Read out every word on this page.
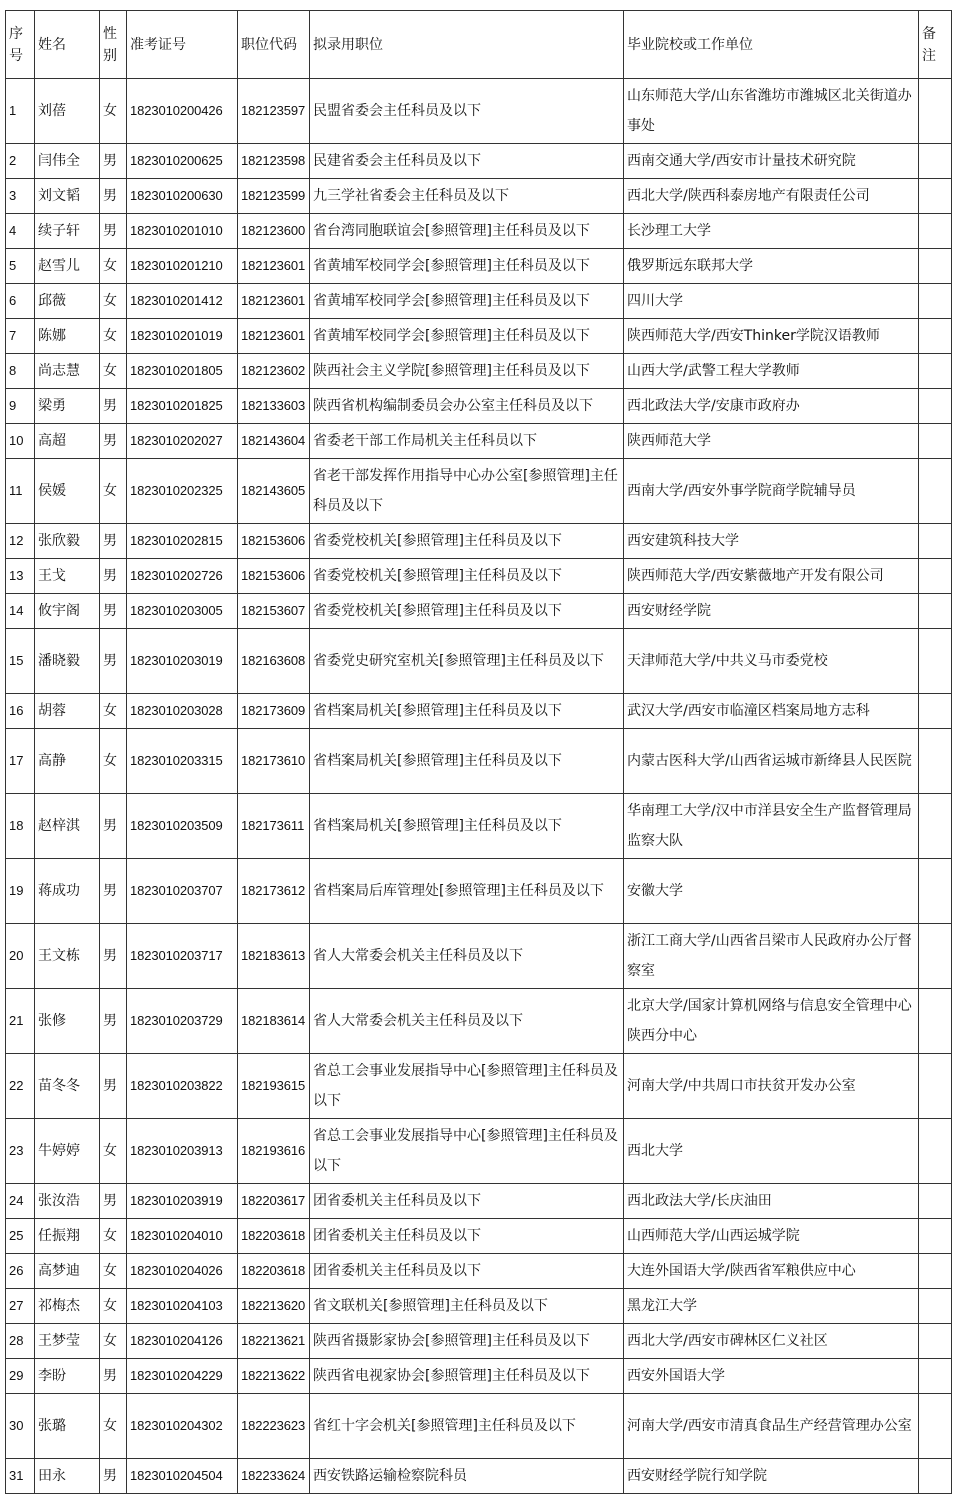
序号	姓名	性别	准考证号	职位代码	拟录用职位	毕业院校或工作单位	备注
1	刘蓓	女	1823010200426	182123597	民盟省委会主任科员及以下	山东师范大学/山东省潍坊市潍城区北关街道办事处	
2	闫伟全	男	1823010200625	182123598	民建省委会主任科员及以下	西南交通大学/西安市计量技术研究院	
3	刘文韬	男	1823010200630	182123599	九三学社省委会主任科员及以下	西北大学/陕西科泰房地产有限责任公司	
4	续子轩	男	1823010201010	182123600	省台湾同胞联谊会[参照管理]主任科员及以下	长沙理工大学	
5	赵雪儿	女	1823010201210	182123601	省黄埔军校同学会[参照管理]主任科员及以下	俄罗斯远东联邦大学	
6	邱薇	女	1823010201412	182123601	省黄埔军校同学会[参照管理]主任科员及以下	四川大学	
7	陈娜	女	1823010201019	182123601	省黄埔军校同学会[参照管理]主任科员及以下	陕西师范大学/西安Thinker学院汉语教师	
8	尚志慧	女	1823010201805	182123602	陕西社会主义学院[参照管理]主任科员及以下	山西大学/武警工程大学教师	
9	梁勇	男	1823010201825	182133603	陕西省机构编制委员会办公室主任科员及以下	西北政法大学/安康市政府办	
10	高超	男	1823010202027	182143604	省委老干部工作局机关主任科员以下	陕西师范大学	
11	侯媛	女	1823010202325	182143605	省老干部发挥作用指导中心办公室[参照管理]主任科员及以下	西南大学/西安外事学院商学院辅导员	
12	张欣毅	男	1823010202815	182153606	省委党校机关[参照管理]主任科员及以下	西安建筑科技大学	
13	王戈	男	1823010202726	182153606	省委党校机关[参照管理]主任科员及以下	陕西师范大学/西安紫薇地产开发有限公司	
14	攸宇阁	男	1823010203005	182153607	省委党校机关[参照管理]主任科员及以下	西安财经学院	
15	潘晓毅	男	1823010203019	182163608	省委党史研究室机关[参照管理]主任科员及以下	天津师范大学/中共义马市委党校	
16	胡蓉	女	1823010203028	182173609	省档案局机关[参照管理]主任科员及以下	武汉大学/西安市临潼区档案局地方志科	
17	高静	女	1823010203315	182173610	省档案局机关[参照管理]主任科员及以下	内蒙古医科大学/山西省运城市新绛县人民医院	
18	赵梓淇	男	1823010203509	182173611	省档案局机关[参照管理]主任科员及以下	华南理工大学/汉中市洋县安全生产监督管理局监察大队	
19	蒋成功	男	1823010203707	182173612	省档案局后库管理处[参照管理]主任科员及以下	安徽大学	
20	王文栋	男	1823010203717	182183613	省人大常委会机关主任科员及以下	浙江工商大学/山西省吕梁市人民政府办公厅督察室	
21	张修	男	1823010203729	182183614	省人大常委会机关主任科员及以下	北京大学/国家计算机网络与信息安全管理中心陕西分中心	
22	苗冬冬	男	1823010203822	182193615	省总工会事业发展指导中心[参照管理]主任科员及以下	河南大学/中共周口市扶贫开发办公室	
23	牛婷婷	女	1823010203913	182193616	省总工会事业发展指导中心[参照管理]主任科员及以下	西北大学	
24	张汝浩	男	1823010203919	182203617	团省委机关主任科员及以下	西北政法大学/长庆油田	
25	任振翔	女	1823010204010	182203618	团省委机关主任科员及以下	山西师范大学/山西运城学院	
26	高梦迪	女	1823010204026	182203618	团省委机关主任科员及以下	大连外国语大学/陕西省军粮供应中心	
27	祁梅杰	女	1823010204103	182213620	省文联机关[参照管理]主任科员及以下	黑龙江大学	
28	王梦莹	女	1823010204126	182213621	陕西省摄影家协会[参照管理]主任科员及以下	西北大学/西安市碑林区仁义社区	
29	李盼	男	1823010204229	182213622	陕西省电视家协会[参照管理]主任科员及以下	西安外国语大学	
30	张璐	女	1823010204302	182223623	省红十字会机关[参照管理]主任科员及以下	河南大学/西安市清真食品生产经营管理办公室	
31	田永	男	1823010204504	182233624	西安铁路运输检察院科员	西安财经学院行知学院	
